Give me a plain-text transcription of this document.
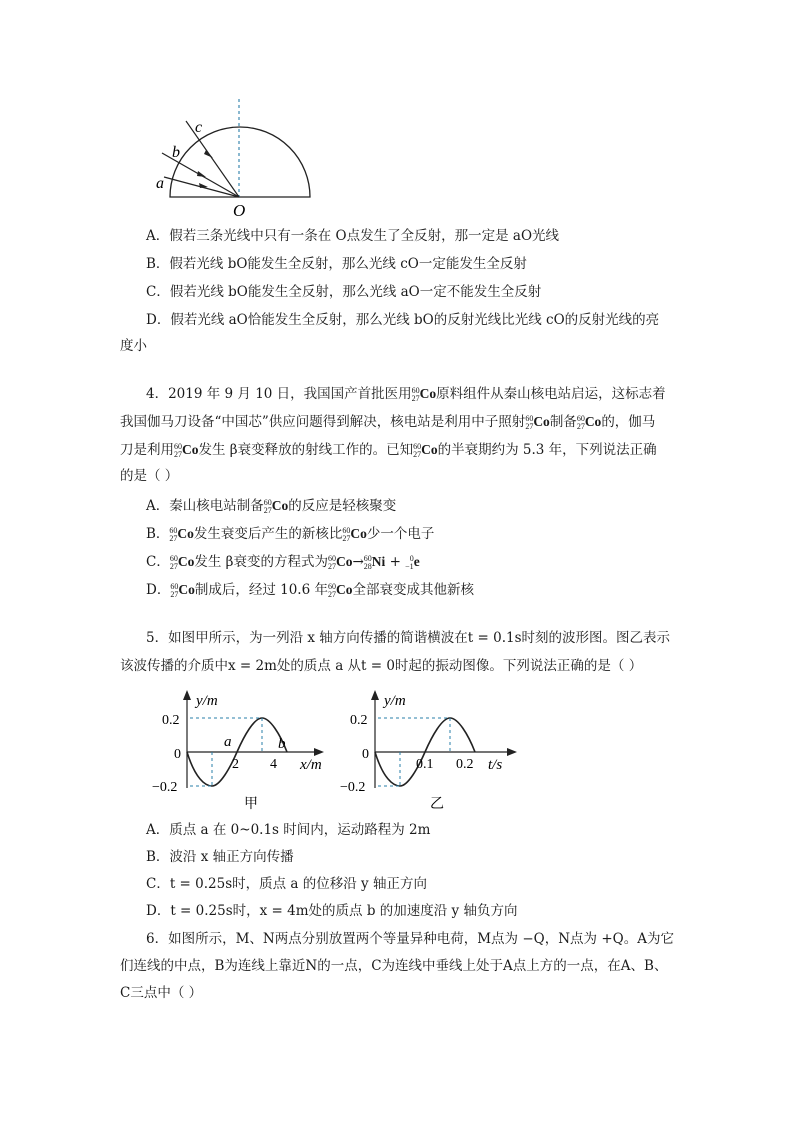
a
b
c
O
A．假若三条光线中只有一条在 O点发生了全反射，那一定是 aO光线
B．假若光线 bO能发生全反射，那么光线 cO一定能发生全反射
C．假若光线 bO能发生全反射，那么光线 aO一定不能发生全反射
D．假若光线 aO恰能发生全反射，那么光线 bO的反射光线比光线 cO的反射光线的亮
度小
4．2019 年 9 月 10 日，我国国产首批医用 60
27 Co原料组件从秦山核电站启运，这标志着
我国伽马刀设备“中国芯”供应问题得到解决，核电站是利用中子照射 60
27 Co制备 60
27 Co的，伽马
刀是利用 60
27 Co发生 β衰变释放的射线工作的。已知 60
27 Co的半衰期约为 5.3 年，下列说法正确
的是（ ）
A．秦山核电站制备 60
27 Co的反应是轻核聚变
B． 60
27 Co发生衰变后产生的新核比 60
27 Co少一个电子
C． 60
27 Co发生 β衰变的方程式为 60
27 Co→ 60
28 Ni +	0
−1 e
D． 60
27 Co制成后，经过 10.6 年 60
27 Co全部衰变成其他新核
5．如图甲所示，为一列沿 x 轴方向传播的简谐横波在t = 0.1s时刻的波形图。图乙表示
该波传播的介质中x = 2m处的质点 a 从t = 0时起的振动图像。下列说法正确的是（ ）
y/m
0.2
0
−0.2
2 4
a	b
x/m
甲
y/m
0.2
0
−0.2
0.1 0.2 t/s
乙
A．质点 a 在 0~0.1s 时间内，运动路程为 2m
B．波沿 x 轴正方向传播
C．t = 0.25s时，质点 a 的位移沿 y 轴正方向
D．t = 0.25s时，x = 4m处的质点 b 的加速度沿 y 轴负方向
6．如图所示，M、N两点分别放置两个等量异种电荷，M点为 −Q，N点为 +Q。A为它
们连线的中点，B为连线上靠近N的一点，C为连线中垂线上处于A点上方的一点，在A、B、
C三点中（ ）
